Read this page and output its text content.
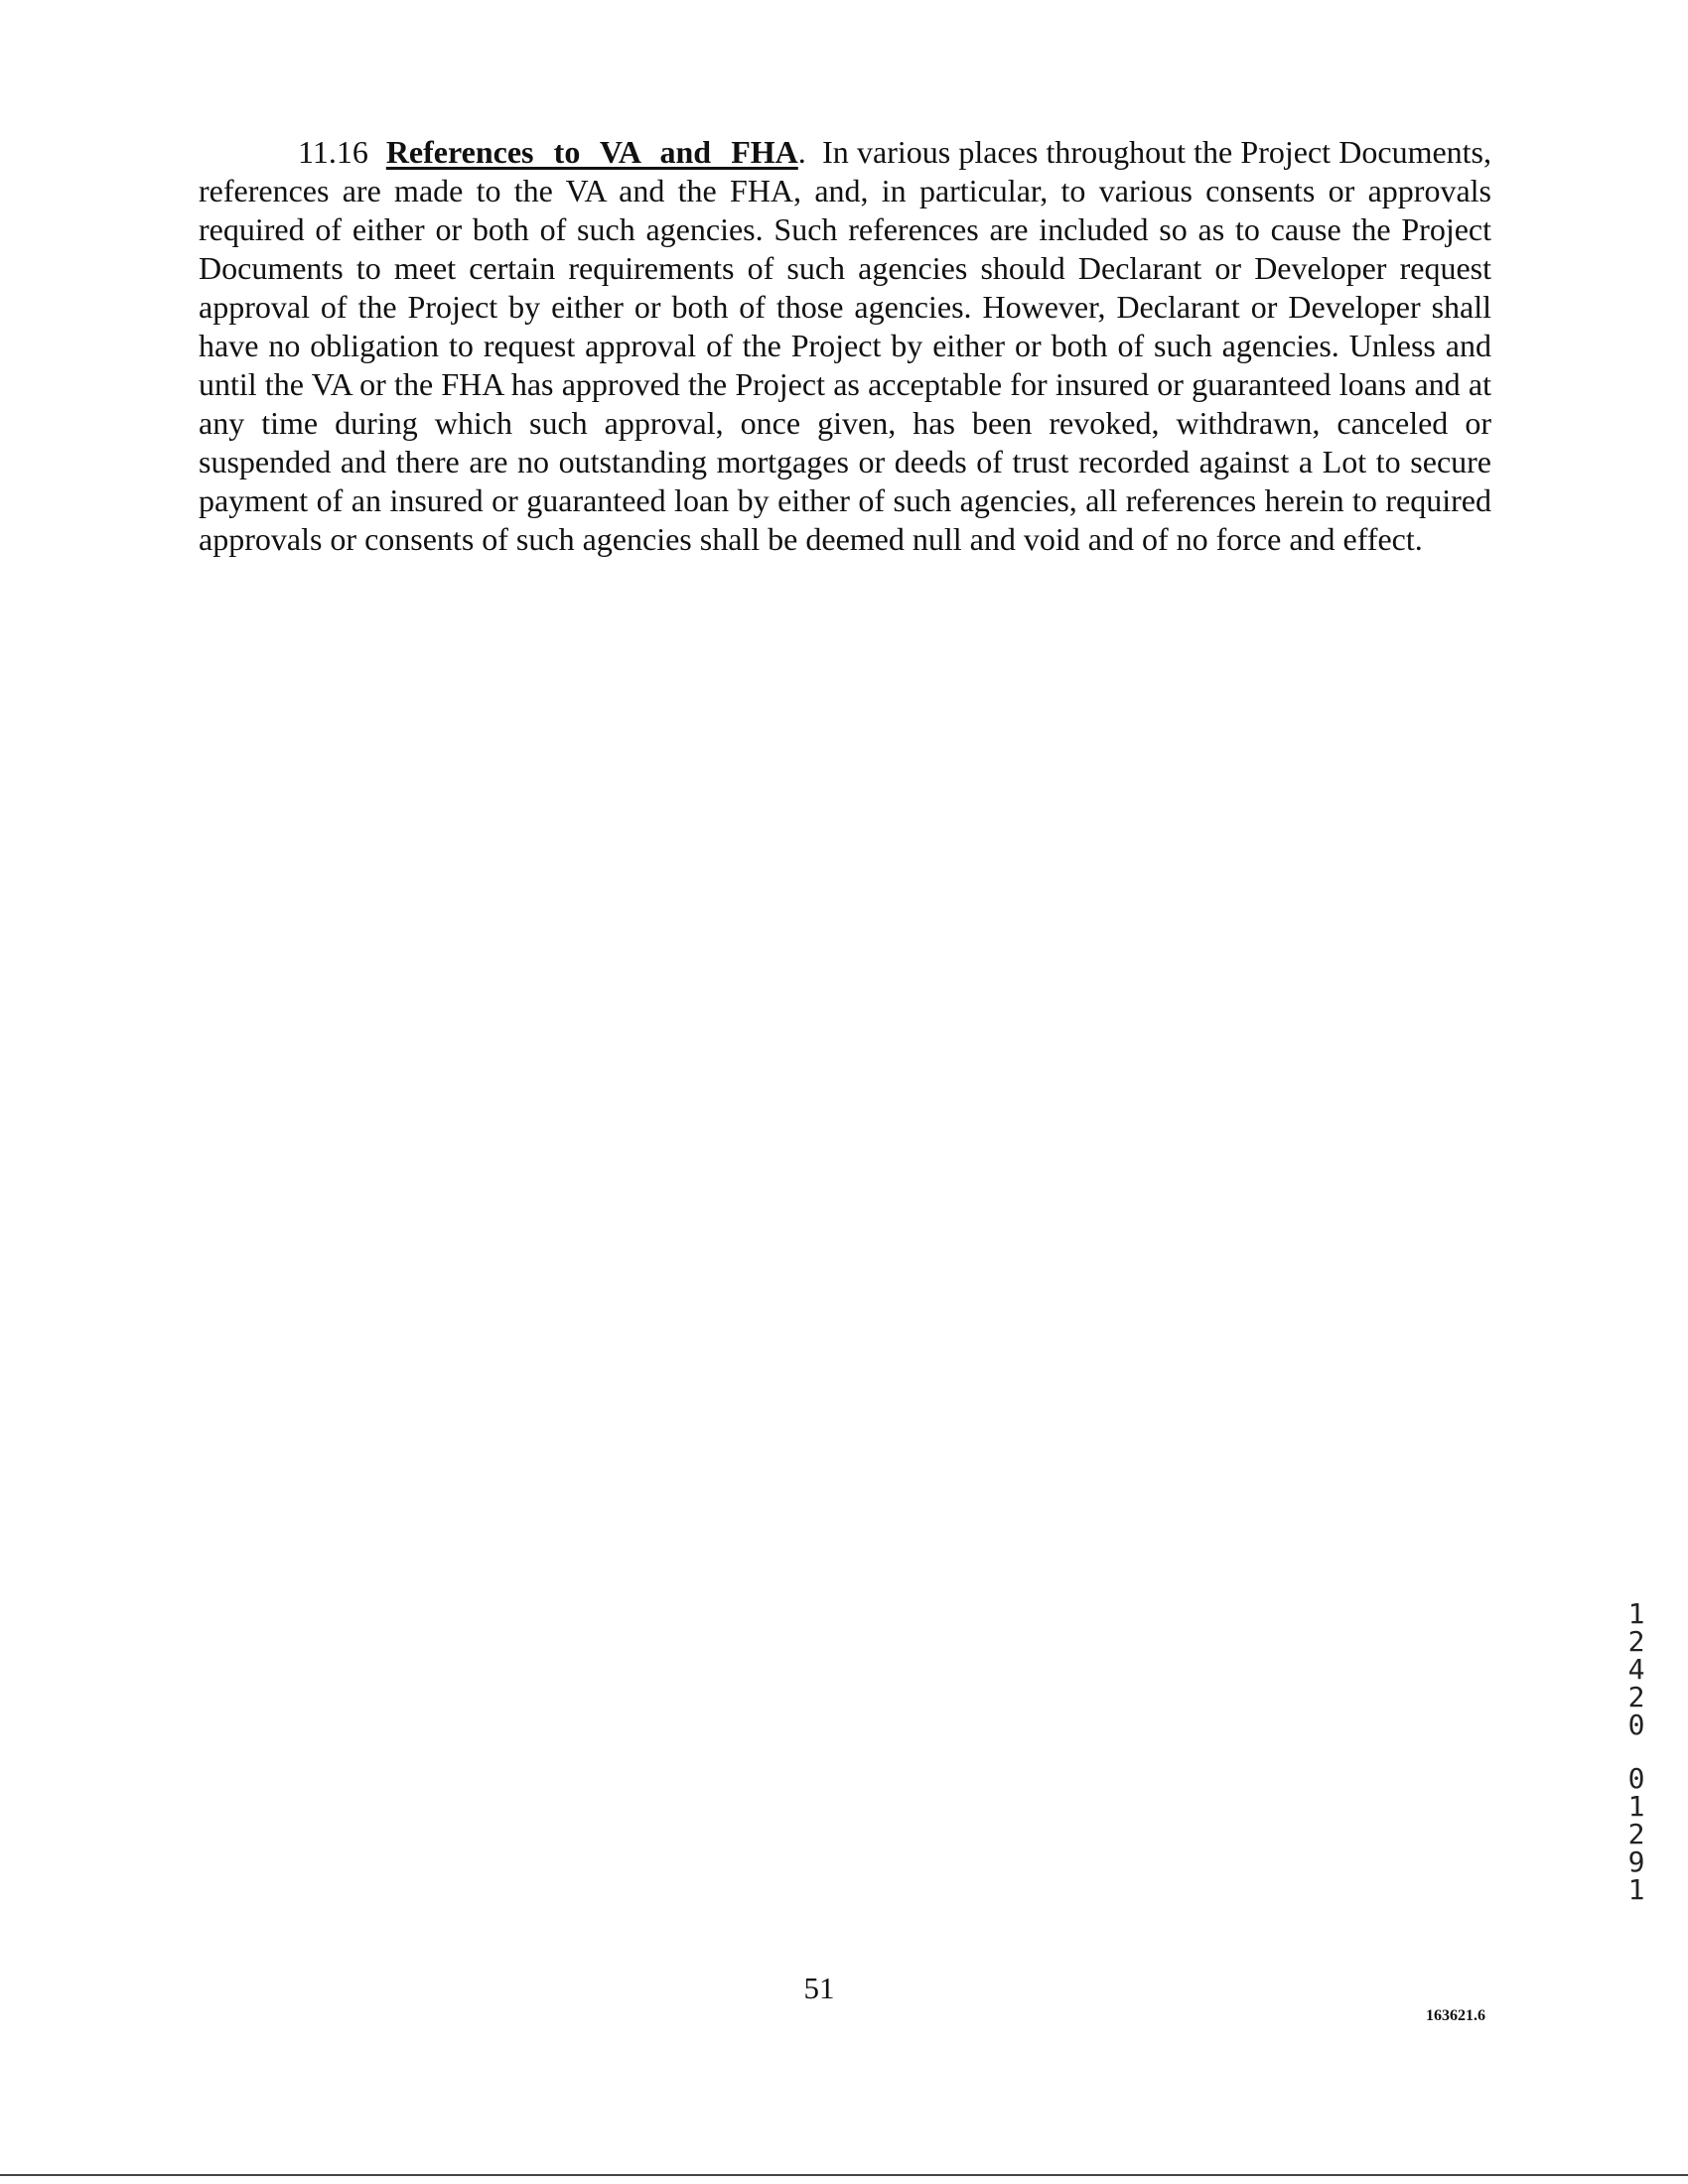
11.16 References to VA and FHA. In various places throughout the Project Documents, references are made to the VA and the FHA, and, in particular, to various consents or approvals required of either or both of such agencies. Such references are included so as to cause the Project Documents to meet certain requirements of such agencies should Declarant or Developer request approval of the Project by either or both of those agencies. However, Declarant or Developer shall have no obligation to request approval of the Project by either or both of such agencies. Unless and until the VA or the FHA has approved the Project as acceptable for insured or guaranteed loans and at any time during which such approval, once given, has been revoked, withdrawn, canceled or suspended and there are no outstanding mortgages or deeds of trust recorded against a Lot to secure payment of an insured or guaranteed loan by either of such agencies, all references herein to required approvals or consents of such agencies shall be deemed null and void and of no force and effect.

1
2
4
2
0
0
1
2
9
1
51
163621.6
